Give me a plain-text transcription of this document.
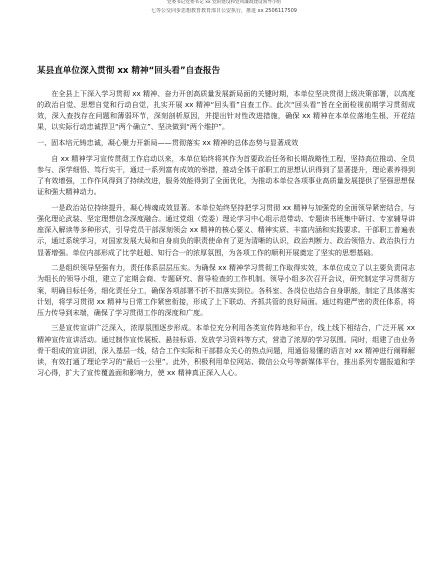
党委书记党委书记 xx 党的建设和党风廉政建设领导小组
七等公交同步思想教育教育部日公安执行，推进 xx 2506117509
某县直单位深入贯彻 xx 精神“回头看”自查报告

在全县上下深入学习贯彻 xx 精神、奋力开创高质量发展新局面的关键时期，本单位坚决贯彻上级决策部署，以高度的政治自觉、思想自觉和行动自觉，扎实开展 xx 精神“回头看”自查工作。此次“回头看”旨在全面检视前期学习贯彻成效，深入查找存在问题和薄弱环节，深刻剖析原因，并提出针对性改进措施，确保 xx 精神在本单位落地生根、开花结果，以实际行动忠诚捍卫“两个确立”、坚决做到“两个维护”。

一、固本培元铸忠诚，凝心聚力开新局——贯彻落实 xx 精神的总体态势与显著成效

自 xx 精神学习宣传贯彻工作启动以来，本单位始终将其作为首要政治任务和长期战略性工程，坚持高位推动、全员参与、深学细悟、笃行实干，通过一系列富有成效的举措，推动全体干部职工的思想认识得到了显著提升，理论素养得到了有效增强，工作作风得到了持续改进，服务效能得到了全面优化，为推动本单位各项事业高质量发展提供了坚强思想保证和强大精神动力。

一是政治站位持续提升，凝心铸魂成效显著。本单位始终坚持把学习贯彻 xx 精神与加强党的全面领导紧密结合，与强化理论武装、坚定理想信念深度融合。通过党组（党委）理论学习中心组示范带动、专题读书班集中研讨、专家辅导讲座深入解读等多种形式，引导党员干部深刻领会 xx 精神的核心要义、精神实质、丰富内涵和实践要求。干部职工普遍表示，通过系统学习，对国家发展大局和自身肩负的职责使命有了更为清晰的认识，政治判断力、政治领悟力、政治执行力显著增强。单位内部形成了比学赶超、知行合一的浓厚氛围，为各项工作的顺利开展奠定了坚实的思想基础。

二是组织领导坚强有力，责任体系层层压实。为确保 xx 精神学习贯彻工作取得实效，本单位成立了以主要负责同志为组长的领导小组，建立了定期会商、专题研究、督导检查的工作机制。领导小组多次召开会议，研究制定学习贯彻方案，明确目标任务，细化责任分工，确保各项部署不折不扣落实到位。各科室、各岗位也结合自身职能，制定了具体落实计划，将学习贯彻 xx 精神与日常工作紧密衔接，形成了上下联动、齐抓共管的良好局面。通过构建严密的责任体系，将压力传导到末端，确保了学习贯彻工作的深度和广度。

三是宣传宣讲广泛深入，浓厚氛围逐步形成。本单位充分利用各类宣传阵地和平台，线上线下相结合，广泛开展 xx 精神宣传宣讲活动。通过制作宣传展板、悬挂标语、发放学习资料等方式，营造了浓厚的学习氛围。同时，组建了由业务骨干组成的宣讲团，深入基层一线，结合工作实际和干部群众关心的热点问题，用通俗易懂的语言对 xx 精神进行阐释解读，有效打通了理论学习的“最后一公里”。此外，积极利用单位网站、微信公众号等新媒体平台，推出系列专题报道和学习心得，扩大了宣传覆盖面和影响力，使 xx 精神真正深入人心。
